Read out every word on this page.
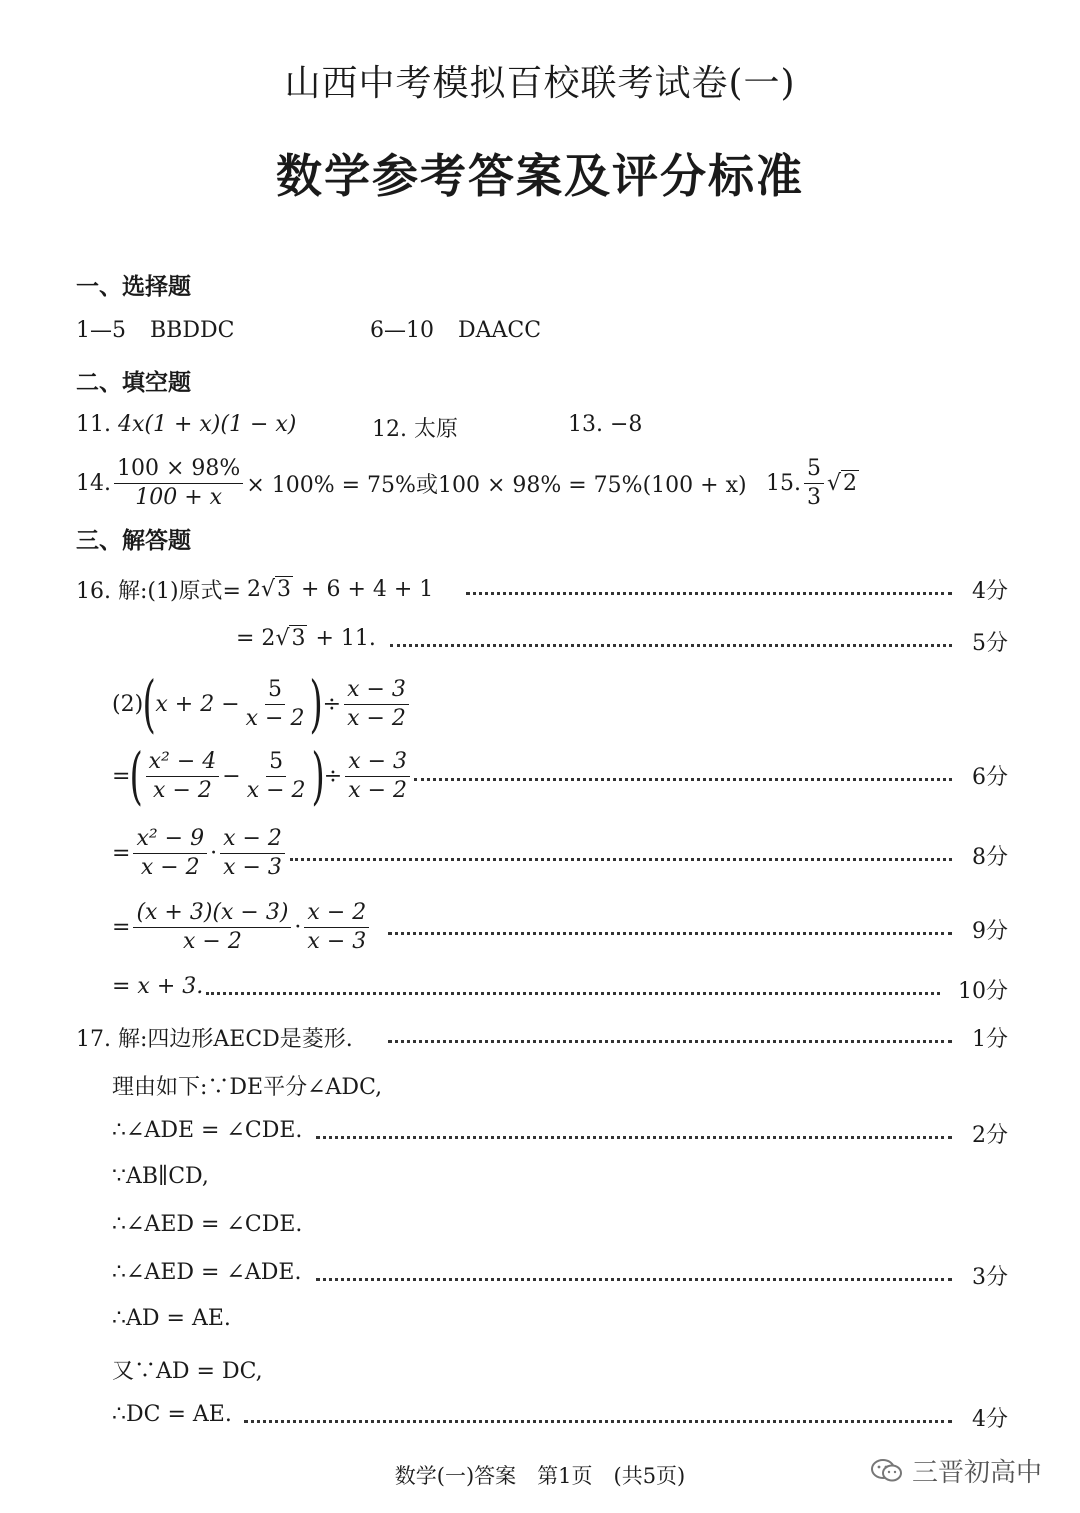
山西中考模拟百校联考试卷(一)
数学参考答案及评分标准
一、选择题
1—5 BBDDC	6—10 DAACC
二、填空题
11. 4x(1 + x)(1 − x)	12. 太原	13. −8
14. $\frac{100 \times 98\%}{100 + x} \times 100\% = 75\%$或100 × 98% = 75%(100 + x) 15. $\frac{5}{3} √2$
三、解答题
16. 解:(1)原式= 2 √3 + 6 + 4 + 1	4分
= 2 √3 + 11.	5分
(2) ( $x + 2 - \frac{5}{x - 2}$ ) ÷ $\frac{x - 3}{x - 2}$
= ( $\frac{\text{x² − 4}}{x - 2} - \frac{5}{x - 2}$ ) ÷ $\frac{x - 3}{x - 2}$	6分
= $\frac{\text{x² − 9}}{x - 2} \cdot \frac{x - 2}{x - 3}$	8分
= $\frac{(x + 3)(x - 3)}{x - 2} \cdot \frac{x - 2}{x - 3}$	9分
= x + 3.	10分
17. 解:四边形AECD是菱形.	1分
理由如下:∵DE平分∠ADC,
∴∠ADE = ∠CDE.	2分
∵AB∥CD,
∴∠AED = ∠CDE.
∴∠AED = ∠ADE.	3分
∴AD = AE.
又∵AD = DC,
∴DC = AE.	4分
数学(一)答案　第1页　(共5页)	三晋初高中
